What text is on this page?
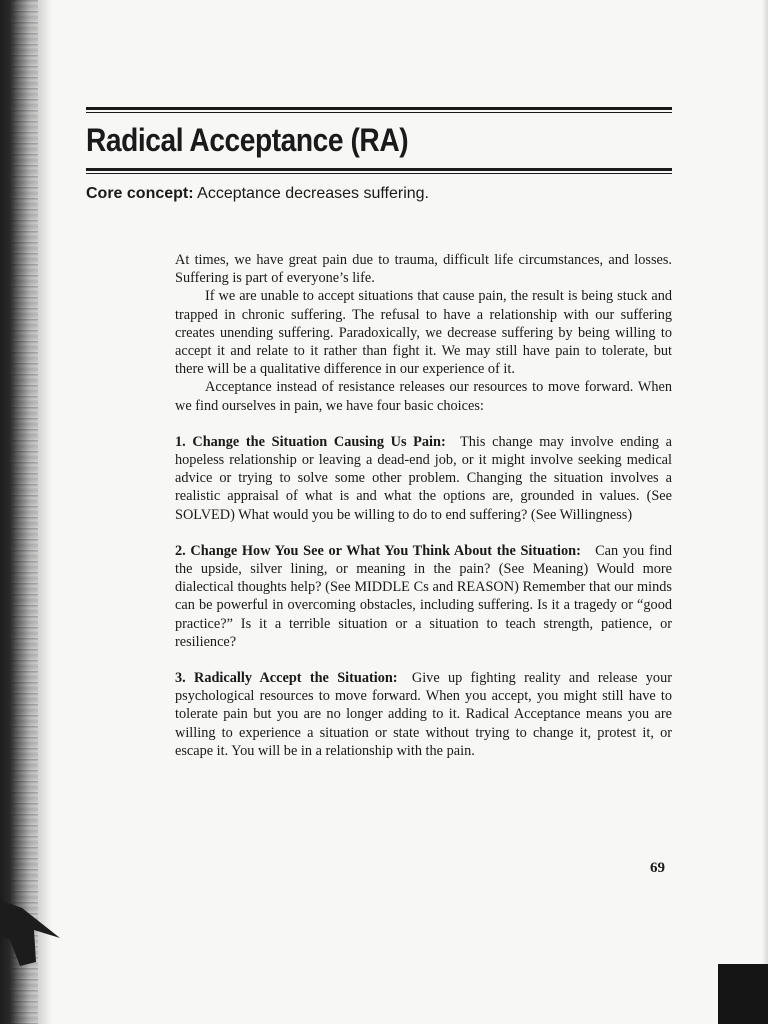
Radical Acceptance (RA)
Core concept: Acceptance decreases suffering.

At times, we have great pain due to trauma, difficult life circumstances, and losses. Suffering is part of everyone’s life.

If we are unable to accept situations that cause pain, the result is being stuck and trapped in chronic suffering. The refusal to have a relationship with our suffering creates unending suffering. Paradoxically, we decrease suffering by being willing to accept it and relate to it rather than fight it. We may still have pain to tolerate, but there will be a qualitative difference in our experience of it.

Acceptance instead of resistance releases our resources to move forward. When we find ourselves in pain, we have four basic choices:

1. Change the Situation Causing Us Pain: This change may involve ending a hopeless relationship or leaving a dead-end job, or it might involve seeking medical advice or trying to solve some other problem. Changing the situation involves a realistic appraisal of what is and what the options are, grounded in values. (See SOLVED) What would you be willing to do to end suffering? (See Willingness)

2. Change How You See or What You Think About the Situation: Can you find the upside, silver lining, or meaning in the pain? (See Meaning) Would more dialectical thoughts help? (See MIDDLE Cs and REASON) Remember that our minds can be powerful in overcoming obstacles, including suffering. Is it a tragedy or “good practice?” Is it a terrible situation or a situation to teach strength, patience, or resilience?

3. Radically Accept the Situation: Give up fighting reality and release your psychological resources to move forward. When you accept, you might still have to tolerate pain but you are no longer adding to it. Radical Acceptance means you are willing to experience a situation or state without trying to change it, protest it, or escape it. You will be in a relationship with the pain.

69
